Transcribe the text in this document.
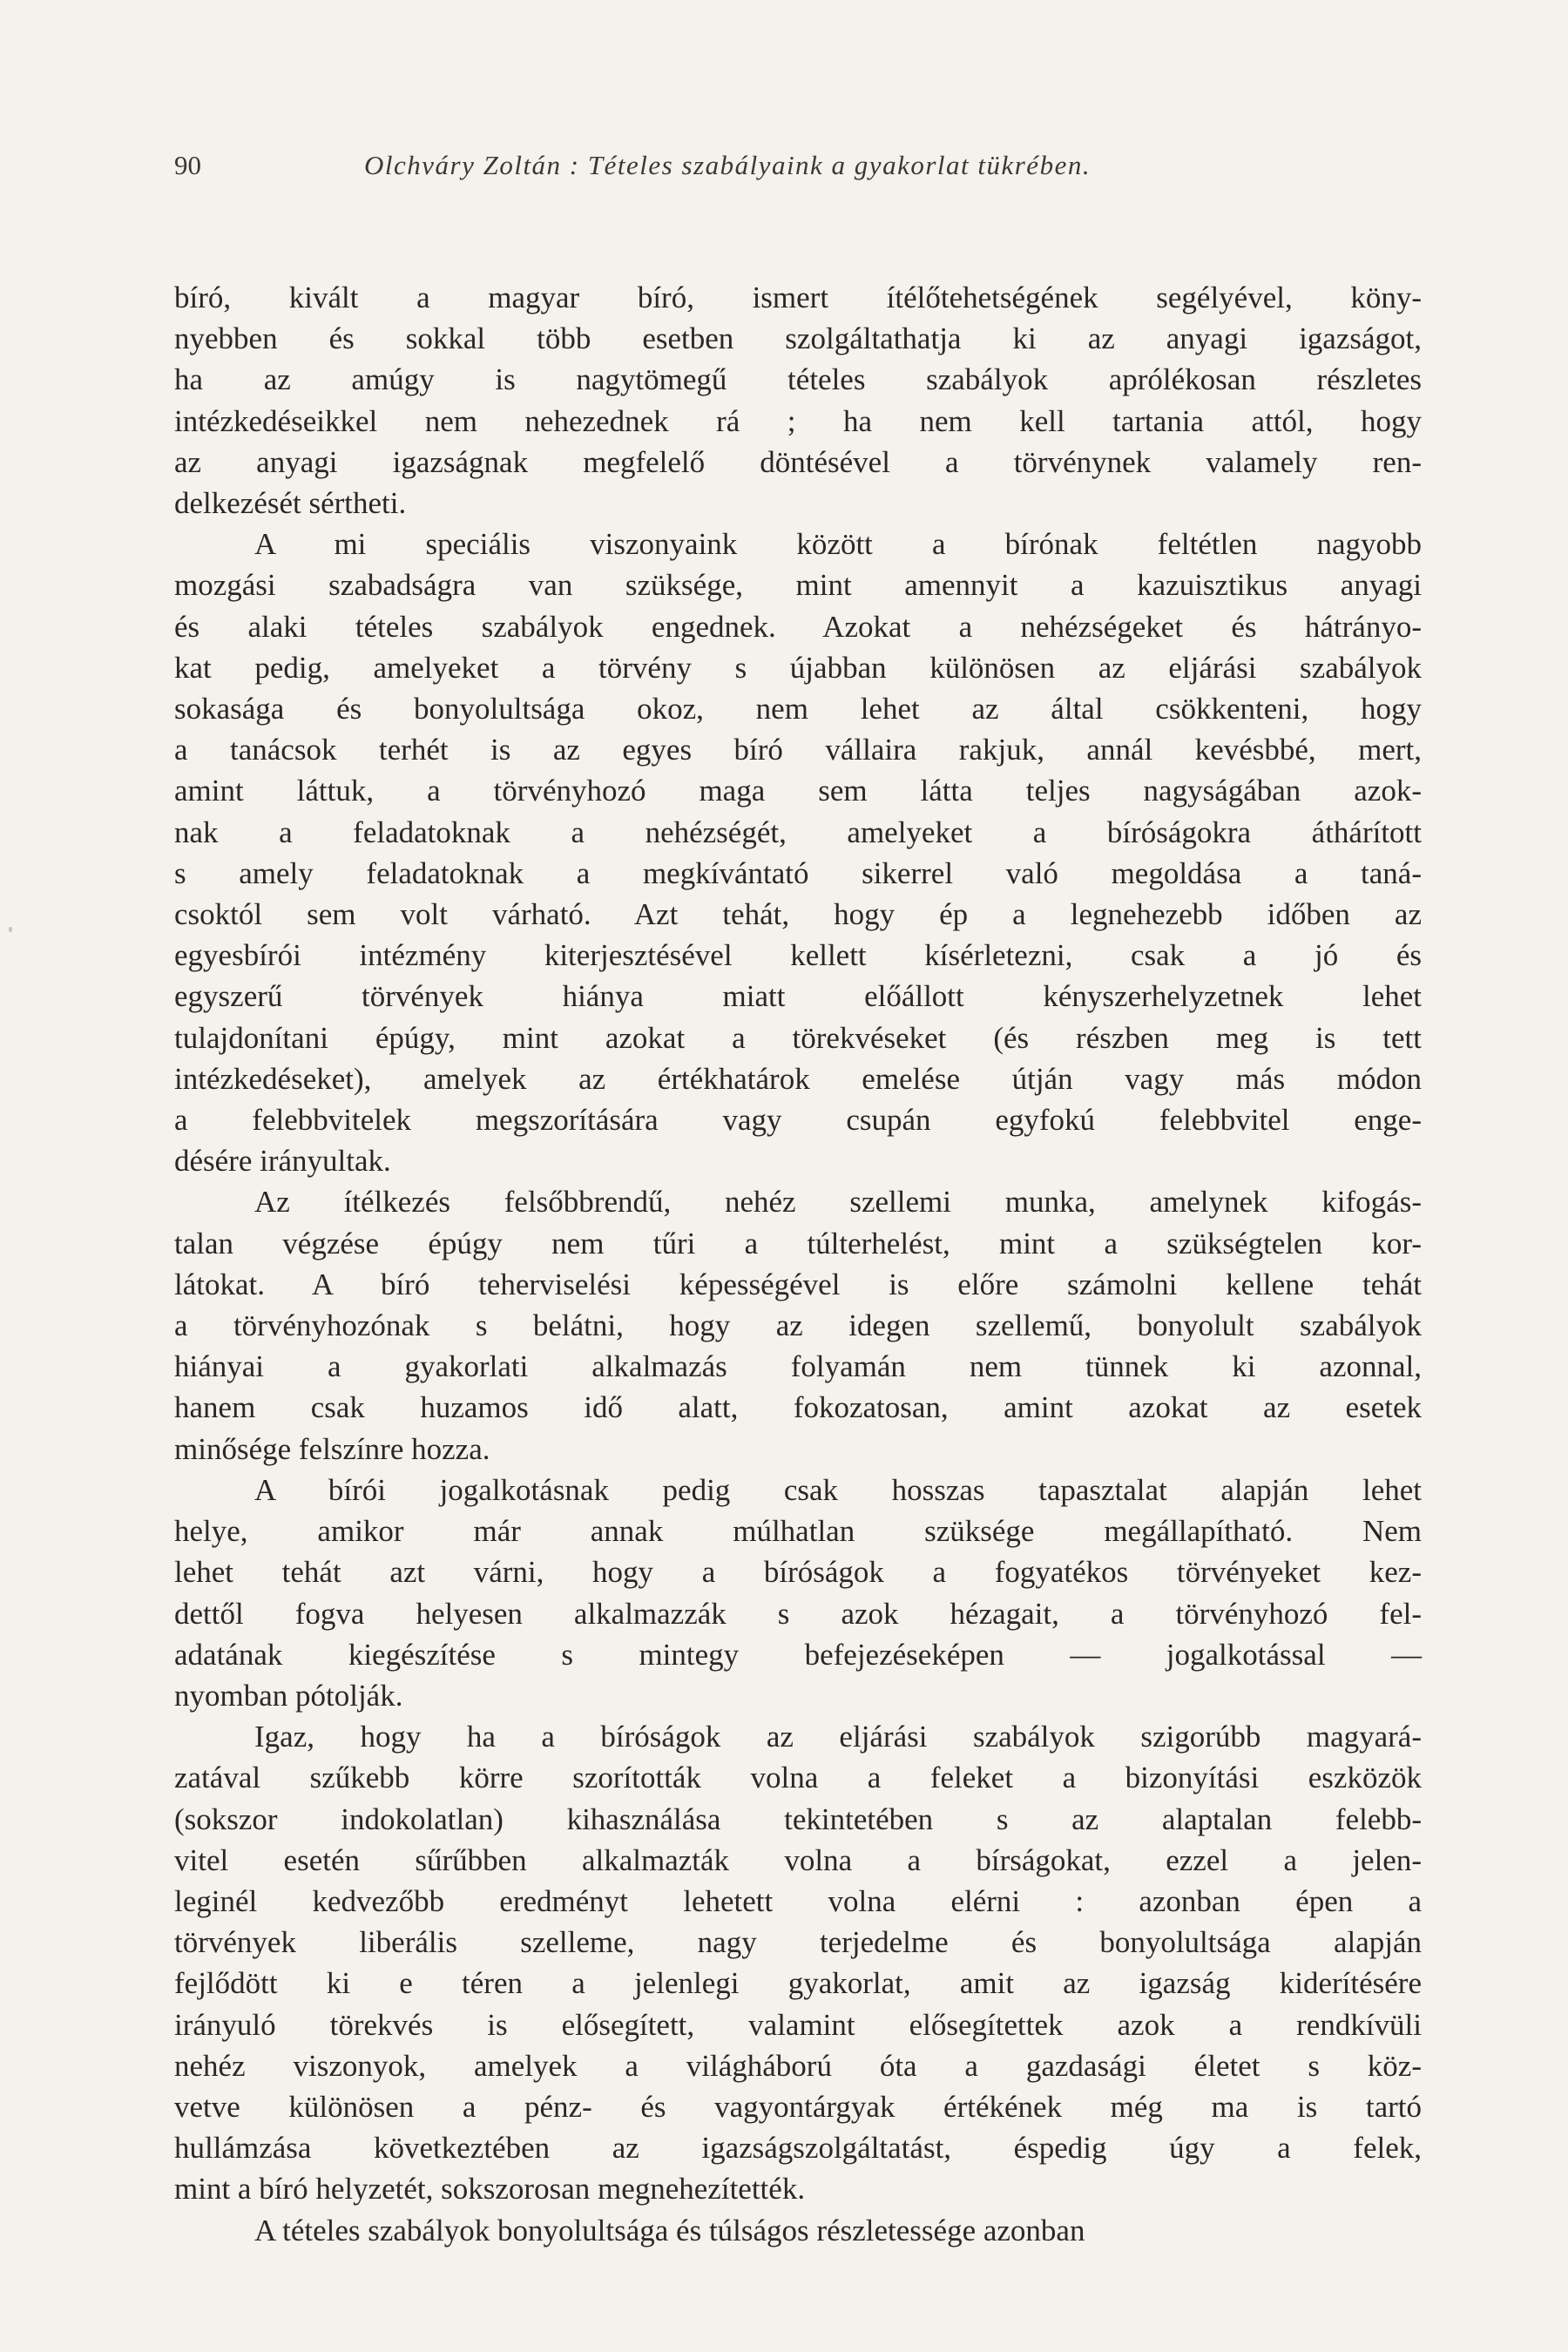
90	Olchváry Zoltán : Tételes szabályaink a gyakorlat tükrében.

bíró, kivált a magyar bíró, ismert ítélőtehetségének segélyével, köny-
nyebben és sokkal több esetben szolgáltathatja ki az anyagi igazságot,
ha az amúgy is nagytömegű tételes szabályok aprólékosan részletes
intézkedéseikkel nem nehezednek rá ; ha nem kell tartania attól, hogy
az anyagi igazságnak megfelelő döntésével a törvénynek valamely ren-
delkezését sértheti.

A mi speciális viszonyaink között a bírónak feltétlen nagyobb
mozgási szabadságra van szüksége, mint amennyit a kazuisztikus anyagi
és alaki tételes szabályok engednek. Azokat a nehézségeket és hátrányo-
kat pedig, amelyeket a törvény s újabban különösen az eljárási szabályok
sokasága és bonyolultsága okoz, nem lehet az által csökkenteni, hogy
a tanácsok terhét is az egyes bíró vállaira rakjuk, annál kevésbbé, mert,
amint láttuk, a törvényhozó maga sem látta teljes nagyságában azok-
nak a feladatoknak a nehézségét, amelyeket a bíróságokra áthárított
s amely feladatoknak a megkívántató sikerrel való megoldása a taná-
csoktól sem volt várható. Azt tehát, hogy ép a legnehezebb időben az
egyesbírói intézmény kiterjesztésével kellett kísérletezni, csak a jó és
egyszerű törvények hiánya miatt előállott kényszerhelyzetnek lehet
tulajdonítani épúgy, mint azokat a törekvéseket (és részben meg is tett
intézkedéseket), amelyek az értékhatárok emelése útján vagy más módon
a felebbvitelek megszorítására vagy csupán egyfokú felebbvitel enge-
désére irányultak.

Az ítélkezés felsőbbrendű, nehéz szellemi munka, amelynek kifogás-
talan végzése épúgy nem tűri a túlterhelést, mint a szükségtelen kor-
látokat. A bíró teherviselési képességével is előre számolni kellene tehát
a törvényhozónak s belátni, hogy az idegen szellemű, bonyolult szabályok
hiányai a gyakorlati alkalmazás folyamán nem tünnek ki azonnal,
hanem csak huzamos idő alatt, fokozatosan, amint azokat az esetek
minősége felszínre hozza.

A bírói jogalkotásnak pedig csak hosszas tapasztalat alapján lehet
helye, amikor már annak múlhatlan szüksége megállapítható. Nem
lehet tehát azt várni, hogy a bíróságok a fogyatékos törvényeket kez-
dettől fogva helyesen alkalmazzák s azok hézagait, a törvényhozó fel-
adatának kiegészítése s mintegy befejezéseképen — jogalkotással —
nyomban pótolják.

Igaz, hogy ha a bíróságok az eljárási szabályok szigorúbb magyará-
zatával szűkebb körre szorították volna a feleket a bizonyítási eszközök
(sokszor indokolatlan) kihasználása tekintetében s az alaptalan felebb-
vitel esetén sűrűbben alkalmazták volna a bírságokat, ezzel a jelen-
leginél kedvezőbb eredményt lehetett volna elérni : azonban épen a
törvények liberális szelleme, nagy terjedelme és bonyolultsága alapján
fejlődött ki e téren a jelenlegi gyakorlat, amit az igazság kiderítésére
irányuló törekvés is elősegített, valamint elősegítettek azok a rendkívüli
nehéz viszonyok, amelyek a világháború óta a gazdasági életet s köz-
vetve különösen a pénz- és vagyontárgyak értékének még ma is tartó
hullámzása következtében az igazságszolgáltatást, éspedig úgy a felek,
mint a bíró helyzetét, sokszorosan megnehezítették.

A tételes szabályok bonyolultsága és túlságos részletessége azonban
